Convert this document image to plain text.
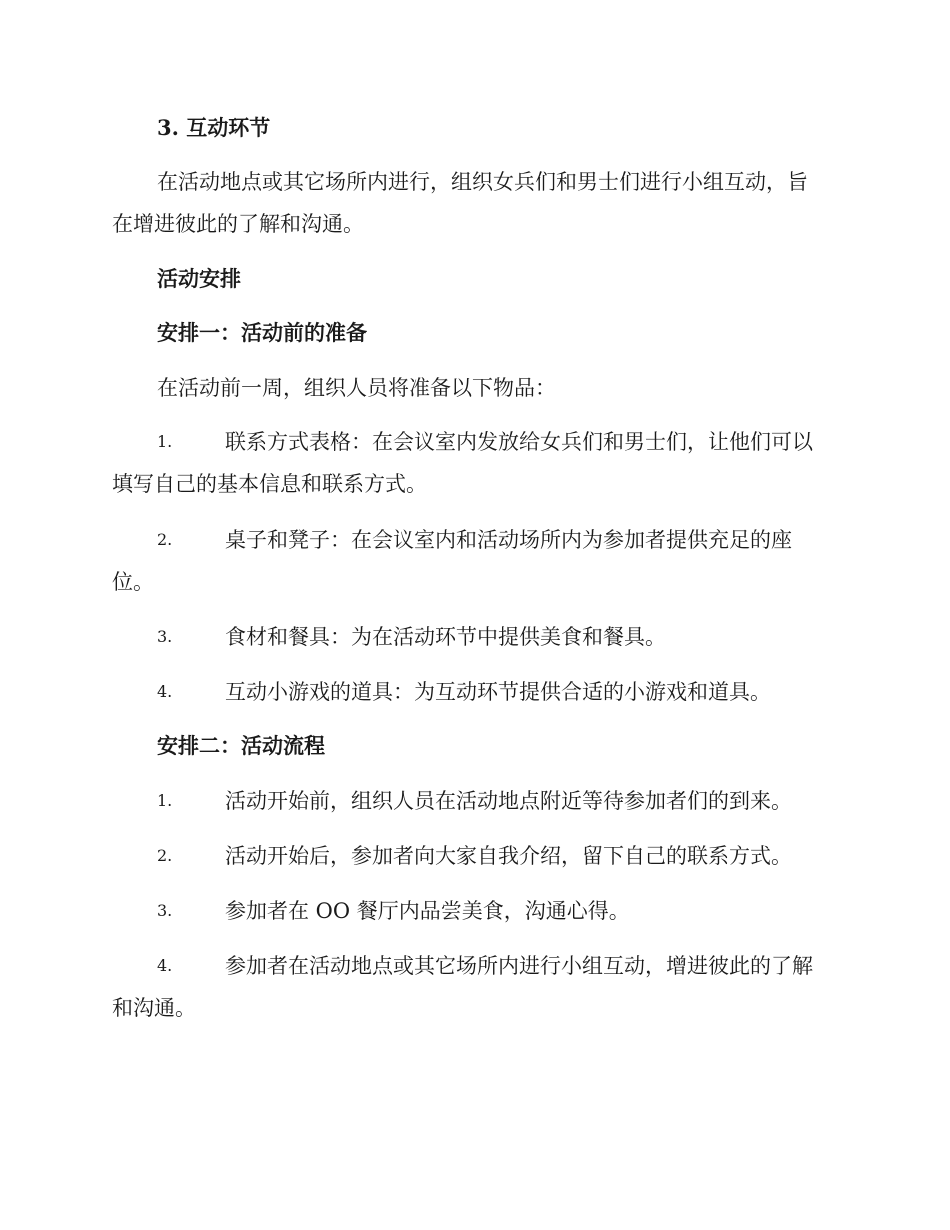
3. 互动环节
在活动地点或其它场所内进行，组织女兵们和男士们进行小组互动，旨
在增进彼此的了解和沟通。
活动安排
安排一：活动前的准备
在活动前一周，组织人员将准备以下物品：
1.	联系方式表格：在会议室内发放给女兵们和男士们，让他们可以
填写自己的基本信息和联系方式。
2.	桌子和凳子：在会议室内和活动场所内为参加者提供充足的座
位。
3.	食材和餐具：为在活动环节中提供美食和餐具。
4.	互动小游戏的道具：为互动环节提供合适的小游戏和道具。
安排二：活动流程
1.	活动开始前，组织人员在活动地点附近等待参加者们的到来。
2.	活动开始后，参加者向大家自我介绍，留下自己的联系方式。
3.	参加者在 OO 餐厅内品尝美食，沟通心得。
4.	参加者在活动地点或其它场所内进行小组互动，增进彼此的了解
和沟通。
